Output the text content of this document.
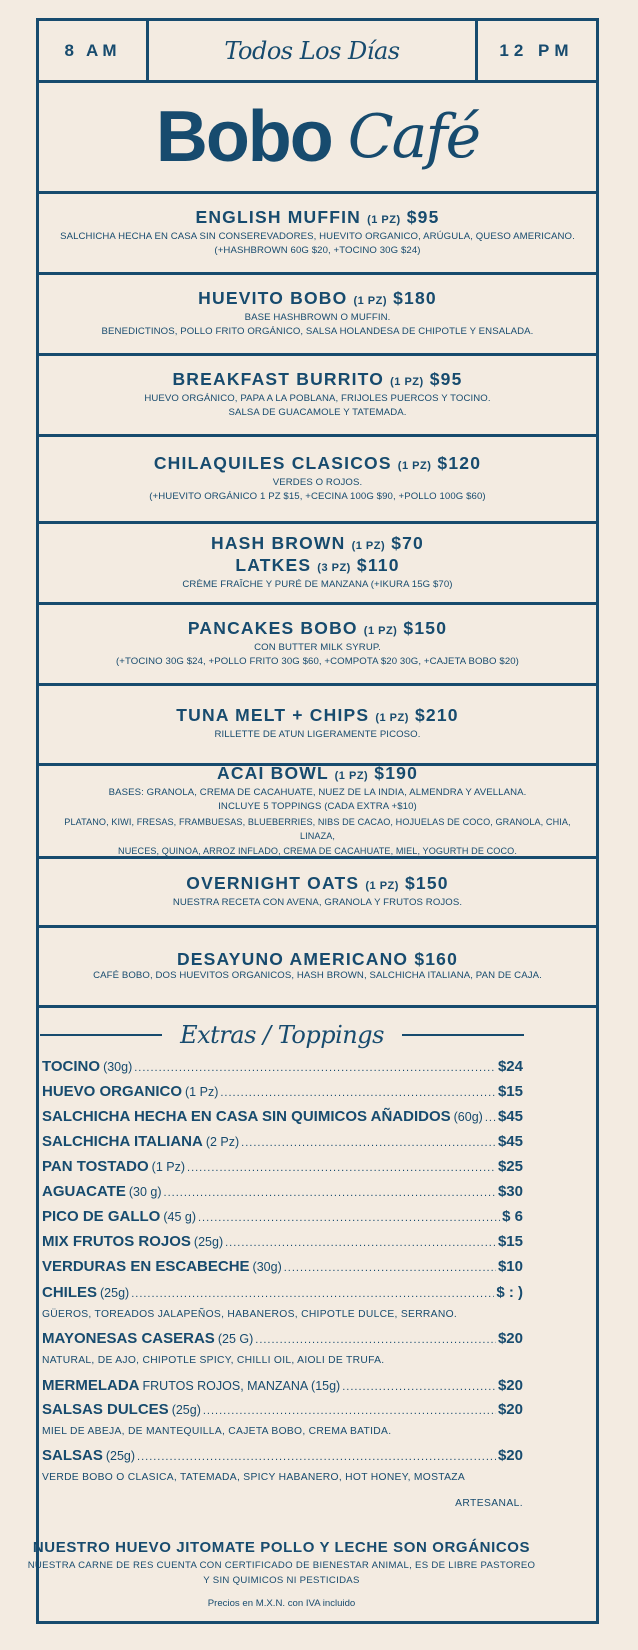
8 AM	Todos Los Días	12 PM
Bobo Café
ENGLISH MUFFIN (1 PZ) $95
SALCHICHA HECHA EN CASA SIN CONSEREVADORES, HUEVITO ORGANICO, ARÚGULA, QUESO AMERICANO.
(+HASHBROWN 60G $20, +TOCINO 30G $24)
HUEVITO BOBO (1 PZ) $180
BASE HASHBROWN O MUFFIN.
BENEDICTINOS, POLLO FRITO ORGÁNICO, SALSA HOLANDESA DE CHIPOTLE Y ENSALADA.
BREAKFAST BURRITO (1 PZ) $95
HUEVO ORGÁNICO, PAPA A LA POBLANA, FRIJOLES PUERCOS Y TOCINO.
SALSA DE GUACAMOLE Y TATEMADA.
CHILAQUILES CLASICOS (1 PZ) $120
VERDES O ROJOS.
(+HUEVITO ORGÁNICO 1 PZ $15, +CECINA 100G $90, +POLLO 100G $60)
HASH BROWN (1 PZ) $70
LATKES (3 PZ) $110
CRÈME FRAÎCHE Y PURÉ DE MANZANA (+IKURA 15G $70)
PANCAKES BOBO (1 PZ) $150
CON BUTTER MILK SYRUP.
(+TOCINO 30G $24, +POLLO FRITO 30G $60, +COMPOTA $20 30G, +CAJETA BOBO $20)
TUNA MELT + CHIPS (1 PZ) $210
RILLETTE DE ATUN LIGERAMENTE PICOSO.
ACAÍ BOWL (1 PZ) $190
BASES: GRANOLA, CREMA DE CACAHUATE, NUEZ DE LA INDIA, ALMENDRA Y AVELLANA.
INCLUYE 5 TOPPINGS (CADA EXTRA +$10)
PLATANO, KIWI, FRESAS, FRAMBUESAS, BLUEBERRIES, NIBS DE CACAO, HOJUELAS DE COCO, GRANOLA, CHIA, LINAZA,
NUECES, QUINOA, ARROZ INFLADO, CREMA DE CACAHUATE, MIEL, YOGURTH DE COCO.
OVERNIGHT OATS (1 PZ) $150
NUESTRA RECETA CON AVENA, GRANOLA Y FRUTOS ROJOS.
DESAYUNO AMERICANO $160
CAFÉ BOBO, DOS HUEVITOS ORGANICOS, HASH BROWN, SALCHICHA ITALIANA, PAN DE CAJA.
Extras / Toppings
TOCINO (30g) .....	$24
HUEVO ORGANICO (1 Pz) .....	$15
SALCHICHA HECHA EN CASA SIN QUIMICOS AÑADIDOS (60g) ..... $45
SALCHICHA ITALIANA (2 Pz) .....	$45
PAN TOSTADO (1 Pz) .....	$25
AGUACATE (30 g) .....	$30
PICO DE GALLO (45 g) .....	$ 6
MIX FRUTOS ROJOS (25g) .....	$15
VERDURAS EN ESCABECHE (30g) .....	$10
CHILES (25g) .....	$ : )
GÜEROS, TOREADOS JALAPEÑOS, HABANEROS, CHIPOTLE DULCE, SERRANO.
MAYONESAS CASERAS (25 G) .....	$20
NATURAL, DE AJO, CHIPOTLE SPICY, CHILLI OIL, AIOLI DE TRUFA.
MERMELADA FRUTOS ROJOS, MANZANA (15g) .....	$20
SALSAS DULCES (25g) .....	$20
MIEL DE ABEJA, DE MANTEQUILLA, CAJETA BOBO, CREMA BATIDA.
SALSAS (25g) .....	$20
VERDE BOBO O CLASICA, TATEMADA, SPICY HABANERO, HOT HONEY, MOSTAZA
ARTESANAL.
NUESTRO HUEVO JITOMATE POLLO Y LECHE SON ORGÁNICOS
NUESTRA CARNE DE RES CUENTA CON CERTIFICADO DE BIENESTAR ANIMAL, ES DE LIBRE PASTOREO
Y SIN QUIMICOS NI PESTICIDAS
Precios en M.X.N. con IVA incluido
